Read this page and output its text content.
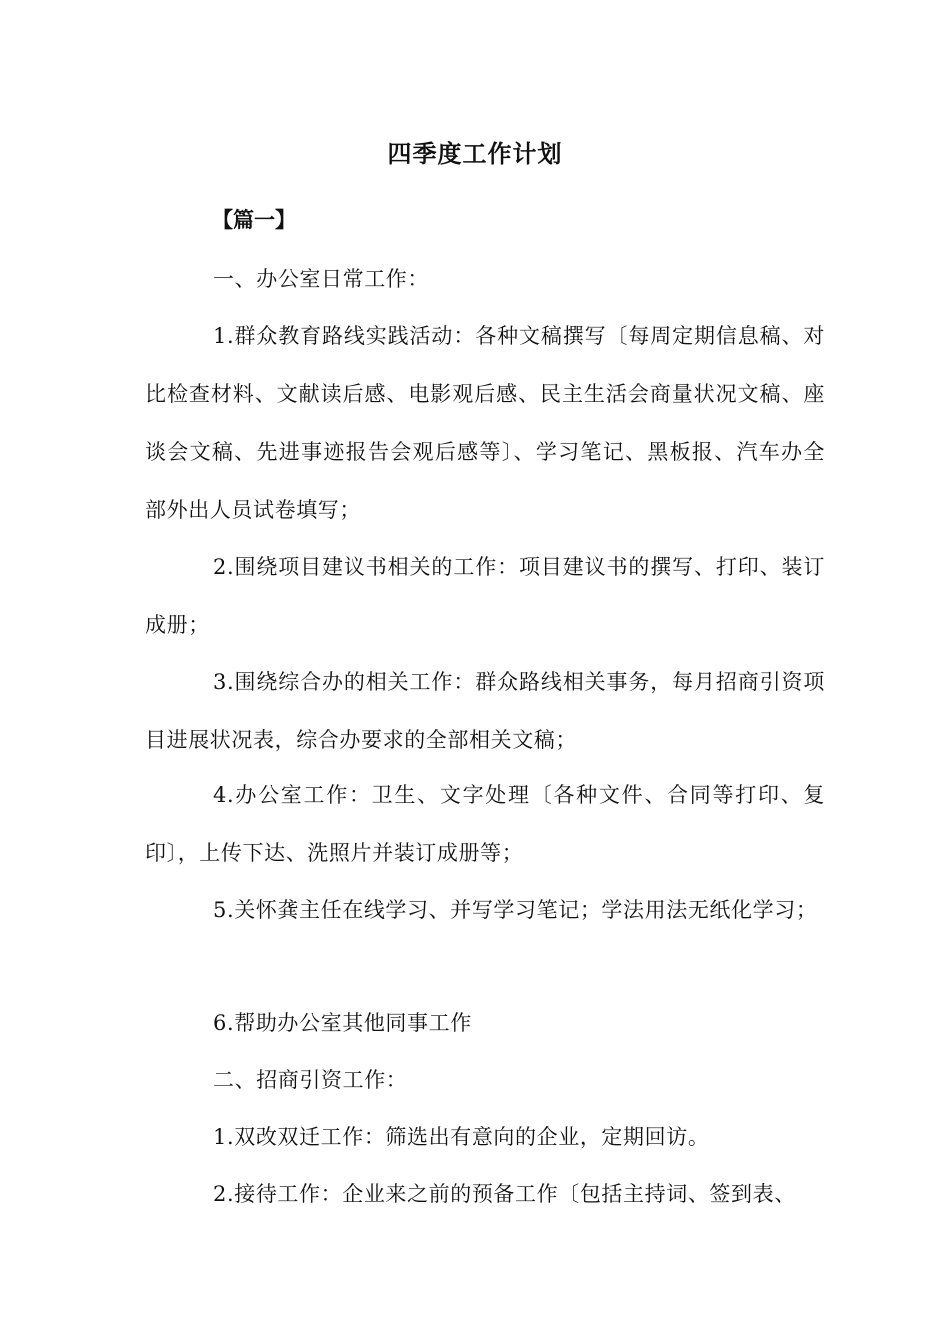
四季度工作计划
【篇一】
一、办公室日常工作：
1.群众教育路线实践活动：各种文稿撰写〔每周定期信息稿、对比检查材料、文献读后感、电影观后感、民主生活会商量状况文稿、座谈会文稿、先进事迹报告会观后感等〕、学习笔记、黑板报、汽车办全部外出人员试卷填写；
2.围绕项目建议书相关的工作：项目建议书的撰写、打印、装订成册；
3.围绕综合办的相关工作：群众路线相关事务，每月招商引资项目进展状况表，综合办要求的全部相关文稿；
4.办公室工作：卫生、文字处理〔各种文件、合同等打印、复印〕，上传下达、洗照片并装订成册等；
5.关怀龚主任在线学习、并写学习笔记；学法用法无纸化学习；
6.帮助办公室其他同事工作
二、招商引资工作：
1.双改双迁工作：筛选出有意向的企业，定期回访。
2.接待工作：企业来之前的预备工作〔包括主持词、签到表、
